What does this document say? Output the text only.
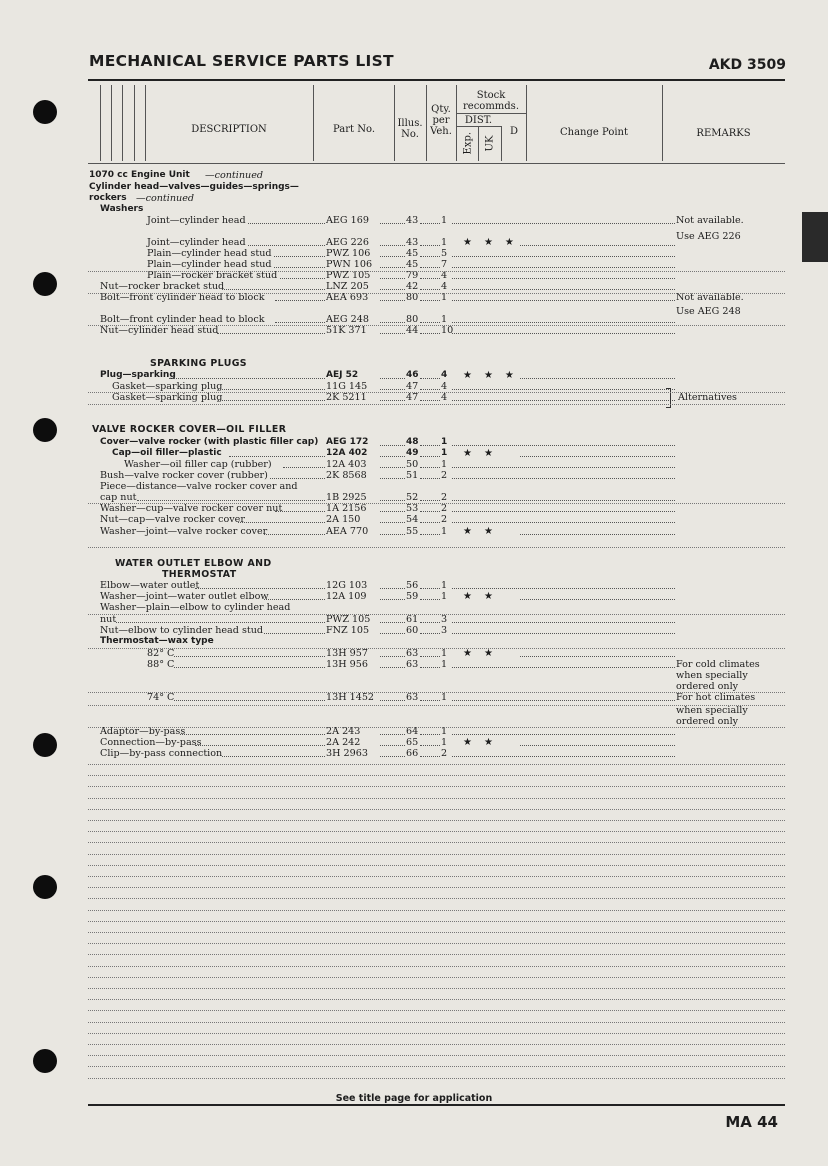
MECHANICAL SERVICE PARTS LIST	AKD 3509
DESCRIPTION	Part No.
Illus.
No.
Qty.
per
Veh.
Stock
recommds.
DIST.
Exp. UK
D	Change Point	REMARKS
1070 cc Engine Unit —continued
Cylinder head—valves—guides—springs—
rockers —continued
Washers
Joint—cylinder head	AEG 169	43 1	Not available.
Use AEG 226
Joint—cylinder head	AEG 226	43 1 ★★★
Plain—cylinder head stud	PWZ 106	45 5
Plain—cylinder head stud	PWN 106	45 7
Plain—rocker bracket stud	PWZ 105	79 4
Nut—rocker bracket stud	LNZ 205	42 4
Bolt—front cylinder head to block	AEA 693	80 1	Not available.
Use AEG 248
Bolt—front cylinder head to block	AEG 248	80 1
Nut—cylinder head stud	51K 371	44 10
SPARKING PLUGS
Plug—sparking	AEJ 52	46 4 ★★★
Gasket—sparking plug	11G 145	47 4
Gasket—sparking plug	2K 5211	47 4	Alternatives
VALVE ROCKER COVER—OIL FILLER
Cover—valve rocker (with plastic filler cap) AEG 172	48 1
Cap—oil filler—plastic	12A 402	49 1 ★★
Washer—oil filler cap (rubber)	12A 403	50 1
Bush—valve rocker cover (rubber)	2K 8568	51 2
Piece—distance—valve rocker cover and
cap nut	1B 2925	52 2
Washer—cup—valve rocker cover nut	1A 2156	53 2
Nut—cap—valve rocker cover	2A 150	54 2
Washer—joint—valve rocker cover	AEA 770	55 1 ★★
WATER OUTLET ELBOW AND
THERMOSTAT
Elbow—water outlet	12G 103	56 1
Washer—joint—water outlet elbow	12A 109	59 1 ★★
Washer—plain—elbow to cylinder head
nut	PWZ 105	61 3
Nut—elbow to cylinder head stud	FNZ 105	60 3
Thermostat—wax type
82° C	13H 957	63 1 ★★
88° C	13H 956	63 1	For cold climates
when specially
ordered only
74° C	13H 1452	63 1	For hot climates
when specially
ordered only
Adaptor—by-pass	2A 243	64 1
Connection—by-pass	2A 242	65 1 ★★
Clip—by-pass connection	3H 2963	66 2
See title page for application
MA 44
